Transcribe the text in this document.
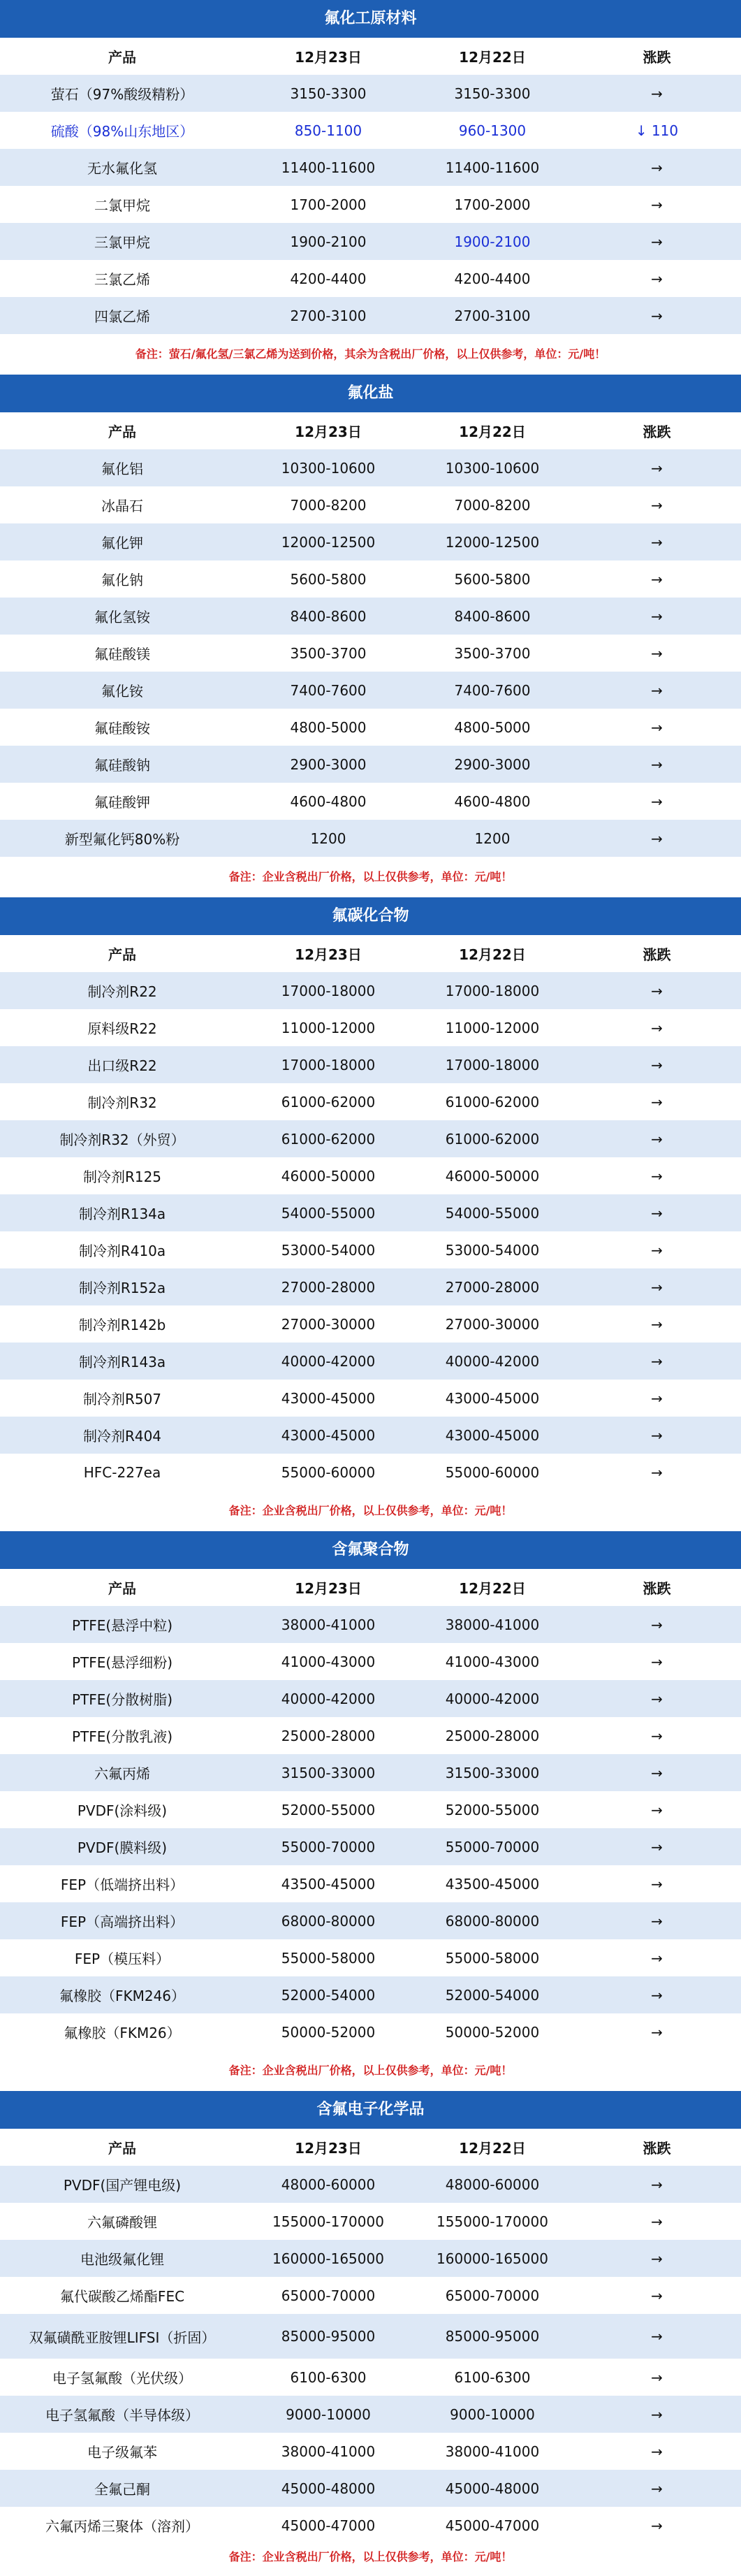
氟化工原材料
产品	12月23日	12月22日	涨跌
萤石（97%酸级精粉）	3150-3300	3150-3300	→
硫酸（98%山东地区）	850-1100	960-1300	↓ 110
无水氟化氢	11400-11600	11400-11600	→
二氯甲烷	1700-2000	1700-2000	→
三氯甲烷	1900-2100	1900-2100	→
三氯乙烯	4200-4400	4200-4400	→
四氯乙烯	2700-3100	2700-3100	→
备注：萤石/氟化氢/三氯乙烯为送到价格，其余为含税出厂价格，以上仅供参考，单位：元/吨！
氟化盐
产品	12月23日	12月22日	涨跌
氟化铝	10300-10600	10300-10600	→
冰晶石	7000-8200	7000-8200	→
氟化钾	12000-12500	12000-12500	→
氟化钠	5600-5800	5600-5800	→
氟化氢铵	8400-8600	8400-8600	→
氟硅酸镁	3500-3700	3500-3700	→
氟化铵	7400-7600	7400-7600	→
氟硅酸铵	4800-5000	4800-5000	→
氟硅酸钠	2900-3000	2900-3000	→
氟硅酸钾	4600-4800	4600-4800	→
新型氟化钙80%粉	1200	1200	→
备注：企业含税出厂价格，以上仅供参考，单位：元/吨！
氟碳化合物
产品	12月23日	12月22日	涨跌
制冷剂R22	17000-18000	17000-18000	→
原料级R22	11000-12000	11000-12000	→
出口级R22	17000-18000	17000-18000	→
制冷剂R32	61000-62000	61000-62000	→
制冷剂R32（外贸）	61000-62000	61000-62000	→
制冷剂R125	46000-50000	46000-50000	→
制冷剂R134a	54000-55000	54000-55000	→
制冷剂R410a	53000-54000	53000-54000	→
制冷剂R152a	27000-28000	27000-28000	→
制冷剂R142b	27000-30000	27000-30000	→
制冷剂R143a	40000-42000	40000-42000	→
制冷剂R507	43000-45000	43000-45000	→
制冷剂R404	43000-45000	43000-45000	→
HFC-227ea	55000-60000	55000-60000	→
备注：企业含税出厂价格，以上仅供参考，单位：元/吨！
含氟聚合物
产品	12月23日	12月22日	涨跌
PTFE(悬浮中粒)	38000-41000	38000-41000	→
PTFE(悬浮细粉)	41000-43000	41000-43000	→
PTFE(分散树脂)	40000-42000	40000-42000	→
PTFE(分散乳液)	25000-28000	25000-28000	→
六氟丙烯	31500-33000	31500-33000	→
PVDF(涂料级)	52000-55000	52000-55000	→
PVDF(膜料级)	55000-70000	55000-70000	→
FEP（低端挤出料）	43500-45000	43500-45000	→
FEP（高端挤出料）	68000-80000	68000-80000	→
FEP（模压料）	55000-58000	55000-58000	→
氟橡胶（FKM246）	52000-54000	52000-54000	→
氟橡胶（FKM26）	50000-52000	50000-52000	→
备注：企业含税出厂价格，以上仅供参考，单位：元/吨！
含氟电子化学品
产品	12月23日	12月22日	涨跌
PVDF(国产锂电级)	48000-60000	48000-60000	→
六氟磷酸锂	155000-170000	155000-170000	→
电池级氟化锂	160000-165000	160000-165000	→
氟代碳酸乙烯酯FEC	65000-70000	65000-70000	→
双氟磺酰亚胺锂LIFSI（折固）	85000-95000	85000-95000	→
电子氢氟酸（光伏级）	6100-6300	6100-6300	→
电子氢氟酸（半导体级）	9000-10000	9000-10000	→
电子级氟苯	38000-41000	38000-41000	→
全氟己酮	45000-48000	45000-48000	→
六氟丙烯三聚体（溶剂）	45000-47000	45000-47000	→
备注：企业含税出厂价格，以上仅供参考，单位：元/吨！
